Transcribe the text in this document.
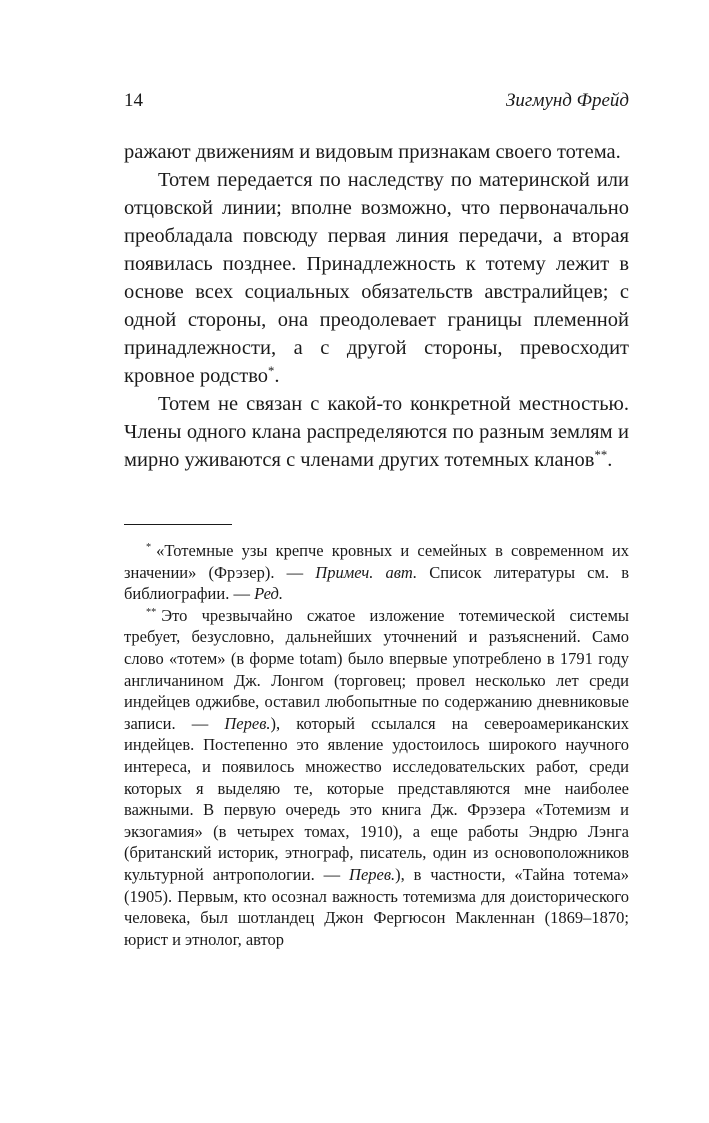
14	Зигмунд Фрейд

ражают движениям и видовым признакам своего тотема.

Тотем передается по наследству по материнской или отцовской линии; вполне возможно, что первоначально преобладала повсюду первая линия передачи, а вторая появилась позднее. Принадлежность к тотему лежит в основе всех социальных обязательств австралийцев; с одной стороны, она преодолевает границы племенной принадлежности, а с другой стороны, превосходит кровное родство*.

Тотем не связан с какой-то конкретной местностью. Члены одного клана распределяются по разным землям и мирно уживаются с членами других тотемных кланов**.

* «Тотемные узы крепче кровных и семейных в современном их значении» (Фрэзер). — Примеч. авт. Список литературы см. в библиографии. — Ред.

** Это чрезвычайно сжатое изложение тотемической системы требует, безусловно, дальнейших уточнений и разъяснений. Само слово «тотем» (в форме totam) было впервые употреблено в 1791 году англичанином Дж. Лонгом (торговец; провел несколько лет среди индейцев оджибве, оставил любопытные по содержанию дневниковые записи. — Перев.), который ссылался на североамериканских индейцев. Постепенно это явление удостоилось широкого научного интереса, и появилось множество исследовательских работ, среди которых я выделяю те, которые представляются мне наиболее важными. В первую очередь это книга Дж. Фрэзера «Тотемизм и экзогамия» (в четырех томах, 1910), а еще работы Эндрю Лэнга (британский историк, этнограф, писатель, один из основоположников культурной антропологии. — Перев.), в частности, «Тайна тотема» (1905). Первым, кто осознал важность тотемизма для доисторического человека, был шотландец Джон Фергюсон Макленнан (1869–1870; юрист и этнолог, автор
